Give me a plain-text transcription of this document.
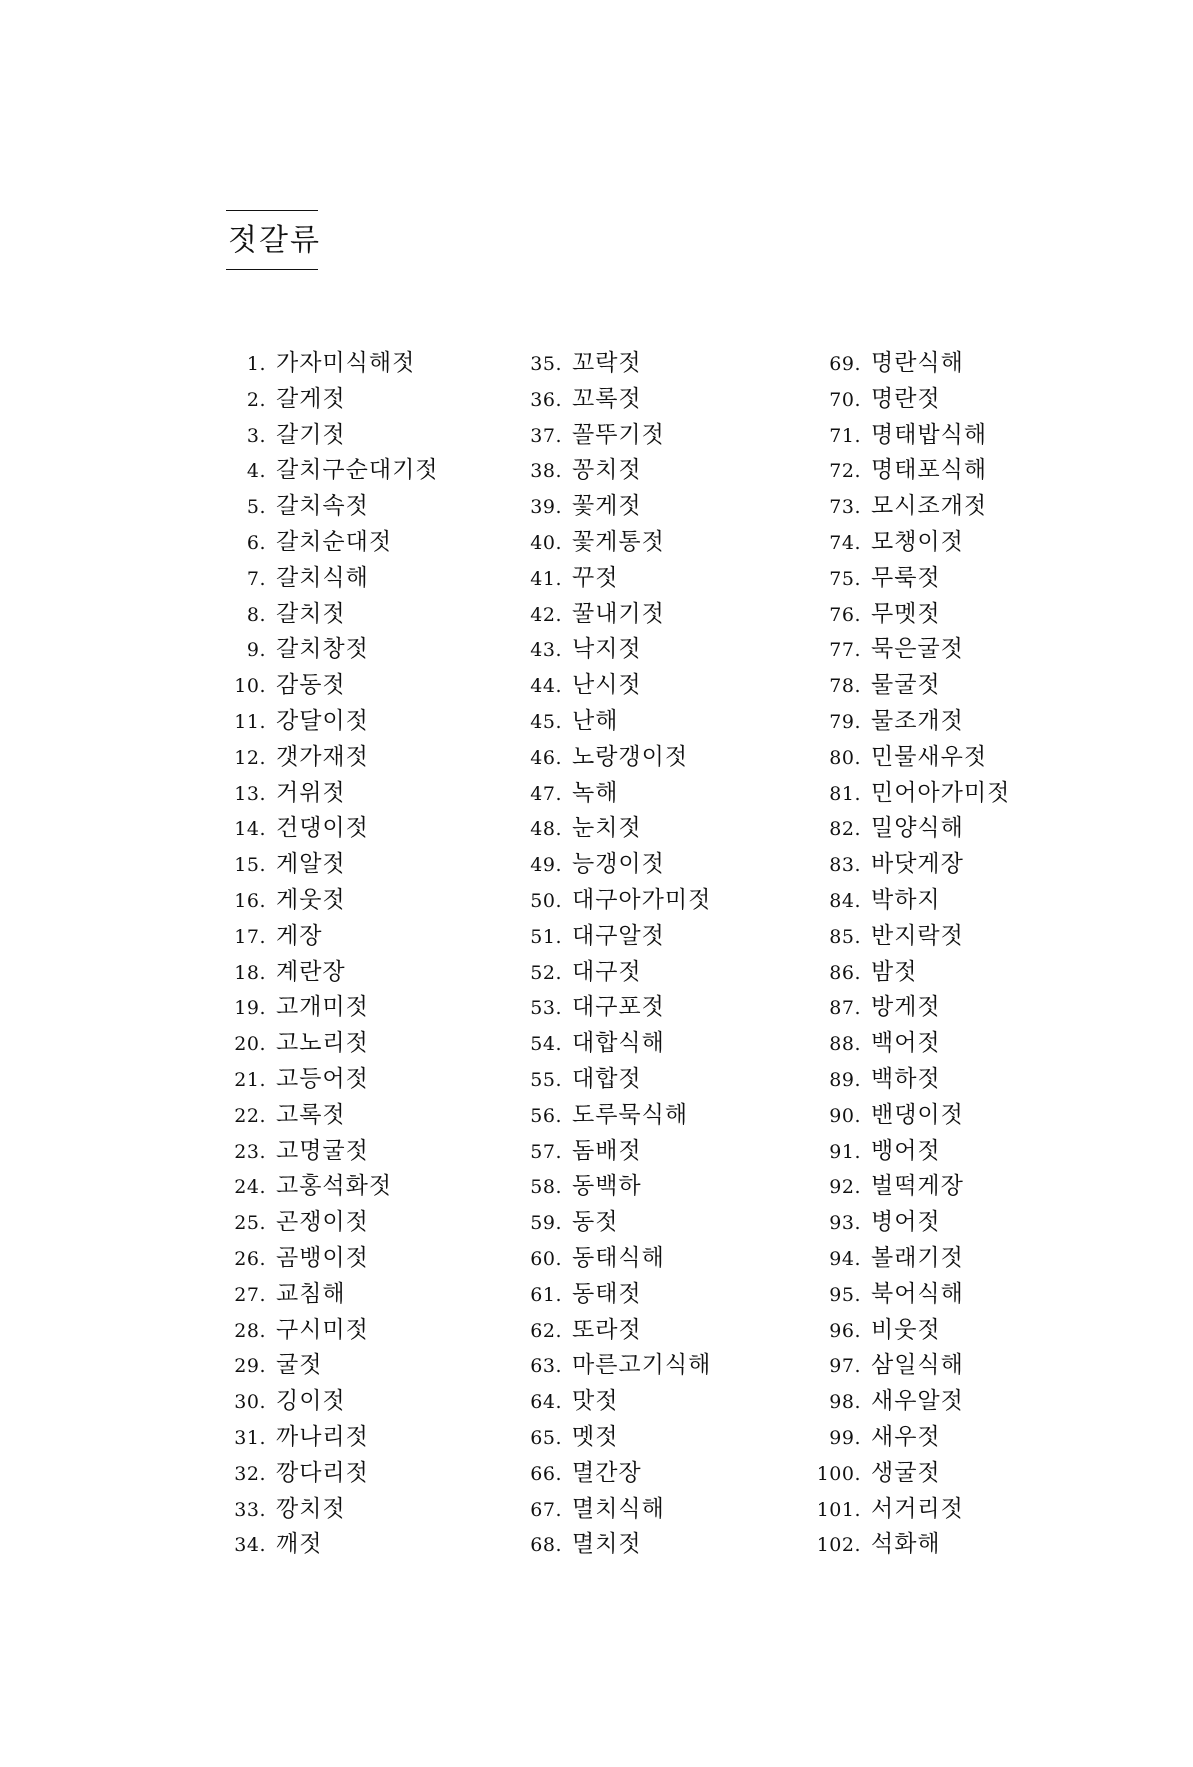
젓갈류
1. 가자미식해젓
2. 갈게젓
3. 갈기젓
4. 갈치구순대기젓
5. 갈치속젓
6. 갈치순대젓
7. 갈치식해
8. 갈치젓
9. 갈치창젓
10. 감동젓
11. 강달이젓
12. 갯가재젓
13. 거위젓
14. 건댕이젓
15. 게알젓
16. 게웃젓
17. 게장
18. 계란장
19. 고개미젓
20. 고노리젓
21. 고등어젓
22. 고록젓
23. 고명굴젓
24. 고홍석화젓
25. 곤쟁이젓
26. 곰뱅이젓
27. 교침해
28. 구시미젓
29. 굴젓
30. 깅이젓
31. 까나리젓
32. 깡다리젓
33. 깡치젓
34. 깨젓
35. 꼬락젓
36. 꼬록젓
37. 꼴뚜기젓
38. 꽁치젓
39. 꽃게젓
40. 꽃게통젓
41. 꾸젓
42. 꿀내기젓
43. 낙지젓
44. 난시젓
45. 난해
46. 노랑갱이젓
47. 녹해
48. 눈치젓
49. 능갱이젓
50. 대구아가미젓
51. 대구알젓
52. 대구젓
53. 대구포젓
54. 대합식해
55. 대합젓
56. 도루묵식해
57. 돔배젓
58. 동백하
59. 동젓
60. 동태식해
61. 동태젓
62. 또라젓
63. 마른고기식해
64. 맛젓
65. 멧젓
66. 멸간장
67. 멸치식해
68. 멸치젓
69. 명란식해
70. 명란젓
71. 명태밥식해
72. 명태포식해
73. 모시조개젓
74. 모챙이젓
75. 무룩젓
76. 무멧젓
77. 묵은굴젓
78. 물굴젓
79. 물조개젓
80. 민물새우젓
81. 민어아가미젓
82. 밀양식해
83. 바닷게장
84. 박하지
85. 반지락젓
86. 밤젓
87. 방게젓
88. 백어젓
89. 백하젓
90. 밴댕이젓
91. 뱅어젓
92. 벌떡게장
93. 병어젓
94. 볼래기젓
95. 북어식해
96. 비웃젓
97. 삼일식해
98. 새우알젓
99. 새우젓
100. 생굴젓
101. 서거리젓
102. 석화해
